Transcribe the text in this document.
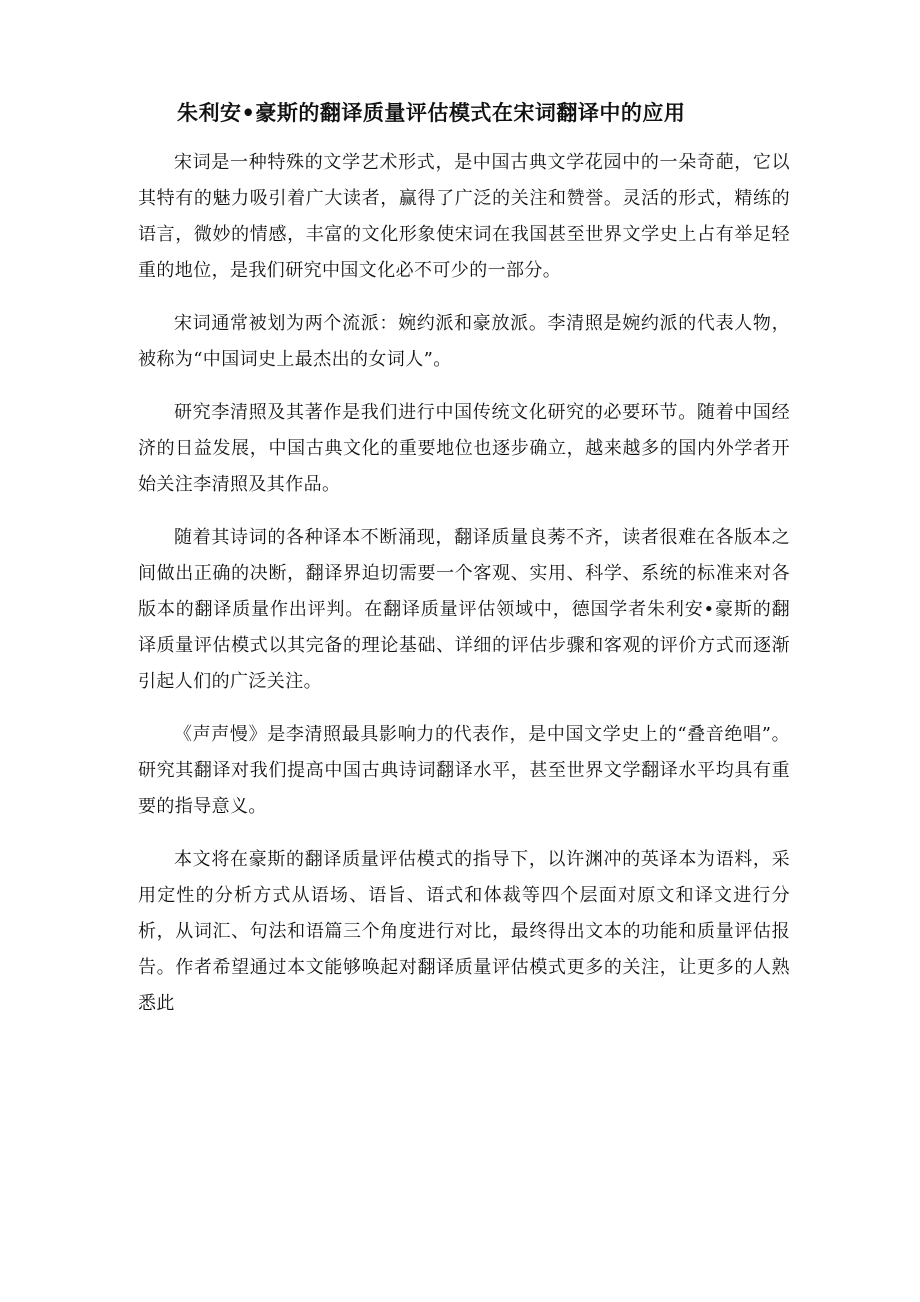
朱利安•豪斯的翻译质量评估模式在宋词翻译中的应用

宋词是一种特殊的文学艺术形式，是中国古典文学花园中的一朵奇葩，它以其特有的魅力吸引着广大读者，赢得了广泛的关注和赞誉。灵活的形式，精练的语言，微妙的情感，丰富的文化形象使宋词在我国甚至世界文学史上占有举足轻重的地位，是我们研究中国文化必不可少的一部分。

宋词通常被划为两个流派：婉约派和豪放派。李清照是婉约派的代表人物，被称为“中国词史上最杰出的女词人”。

研究李清照及其著作是我们进行中国传统文化研究的必要环节。随着中国经济的日益发展，中国古典文化的重要地位也逐步确立，越来越多的国内外学者开始关注李清照及其作品。

随着其诗词的各种译本不断涌现，翻译质量良莠不齐，读者很难在各版本之间做出正确的决断，翻译界迫切需要一个客观、实用、科学、系统的标准来对各版本的翻译质量作出评判。在翻译质量评估领域中，德国学者朱利安•豪斯的翻译质量评估模式以其完备的理论基础、详细的评估步骤和客观的评价方式而逐渐引起人们的广泛关注。

《声声慢》是李清照最具影响力的代表作，是中国文学史上的“叠音绝唱”。研究其翻译对我们提高中国古典诗词翻译水平，甚至世界文学翻译水平均具有重要的指导意义。

本文将在豪斯的翻译质量评估模式的指导下，以许渊冲的英译本为语料，采用定性的分析方式从语场、语旨、语式和体裁等四个层面对原文和译文进行分析，从词汇、句法和语篇三个角度进行对比，最终得出文本的功能和质量评估报告。作者希望通过本文能够唤起对翻译质量评估模式更多的关注，让更多的人熟悉此
